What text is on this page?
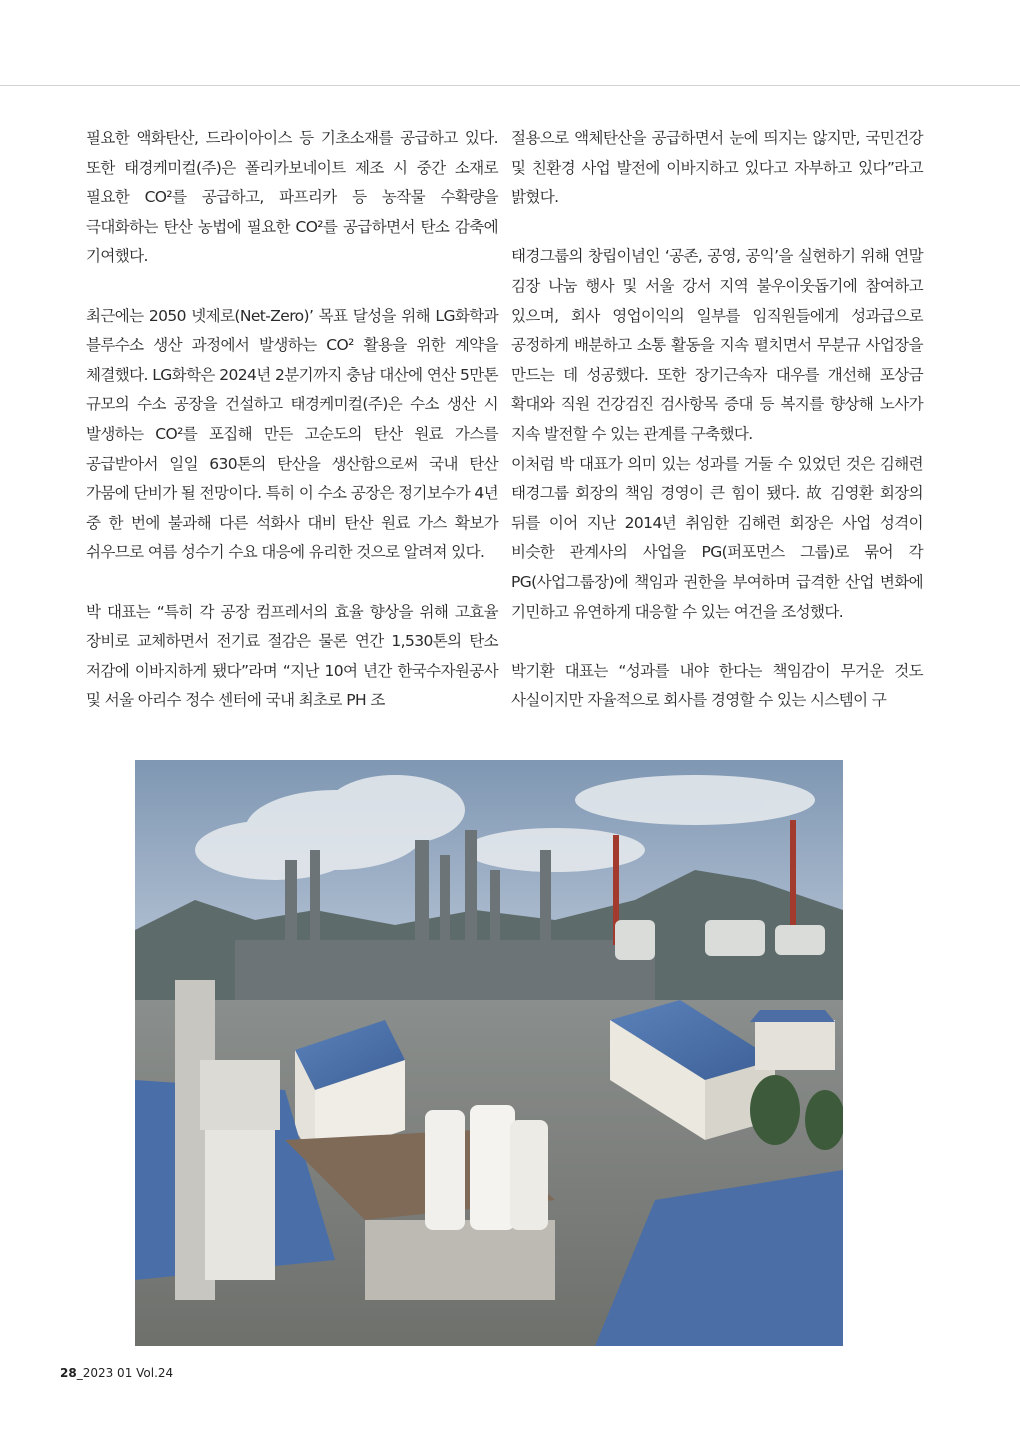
필요한 액화탄산, 드라이아이스 등 기초소재를 공급하고 있다. 또한 태경케미컬(주)은 폴리카보네이트 제조 시 중간 소재로 필요한 CO²를 공급하고, 파프리카 등 농작물 수확량을 극대화하는 탄산 농법에 필요한 CO²를 공급하면서 탄소 감축에 기여했다.

최근에는 2050 넷제로(Net-Zero)’ 목표 달성을 위해 LG화학과 블루수소 생산 과정에서 발생하는 CO² 활용을 위한 계약을 체결했다. LG화학은 2024년 2분기까지 충남 대산에 연산 5만톤 규모의 수소 공장을 건설하고 태경케미컬(주)은 수소 생산 시 발생하는 CO²를 포집해 만든 고순도의 탄산 원료 가스를 공급받아서 일일 630톤의 탄산을 생산함으로써 국내 탄산 가뭄에 단비가 될 전망이다. 특히 이 수소 공장은 정기보수가 4년 중 한 번에 불과해 다른 석화사 대비 탄산 원료 가스 확보가 쉬우므로 여름 성수기 수요 대응에 유리한 것으로 알려져 있다.

박 대표는 “특히 각 공장 컴프레서의 효율 향상을 위해 고효율 장비로 교체하면서 전기료 절감은 물론 연간 1,530톤의 탄소 저감에 이바지하게 됐다”라며 “지난 10여 년간 한국수자원공사 및 서울 아리수 정수 센터에 국내 최초로 PH 조

절용으로 액체탄산을 공급하면서 눈에 띄지는 않지만, 국민건강 및 친환경 사업 발전에 이바지하고 있다고 자부하고 있다”라고 밝혔다.

태경그룹의 창립이념인 ‘공존, 공영, 공익’을 실현하기 위해 연말 김장 나눔 행사 및 서울 강서 지역 불우이웃돕기에 참여하고 있으며, 회사 영업이익의 일부를 임직원들에게 성과급으로 공정하게 배분하고 소통 활동을 지속 펼치면서 무분규 사업장을 만드는 데 성공했다. 또한 장기근속자 대우를 개선해 포상금 확대와 직원 건강검진 검사항목 증대 등 복지를 향상해 노사가 지속 발전할 수 있는 관계를 구축했다.

이처럼 박 대표가 의미 있는 성과를 거둘 수 있었던 것은 김해련 태경그룹 회장의 책임 경영이 큰 힘이 됐다. 故 김영환 회장의 뒤를 이어 지난 2014년 취임한 김해련 회장은 사업 성격이 비슷한 관계사의 사업을 PG(퍼포먼스 그룹)로 묶어 각 PG(사업그룹장)에 책임과 권한을 부여하며 급격한 산업 변화에 기민하고 유연하게 대응할 수 있는 여건을 조성했다.

박기환 대표는 “성과를 내야 한다는 책임감이 무거운 것도 사실이지만 자율적으로 회사를 경영할 수 있는 시스템이 구

28_2023 01 Vol.24
